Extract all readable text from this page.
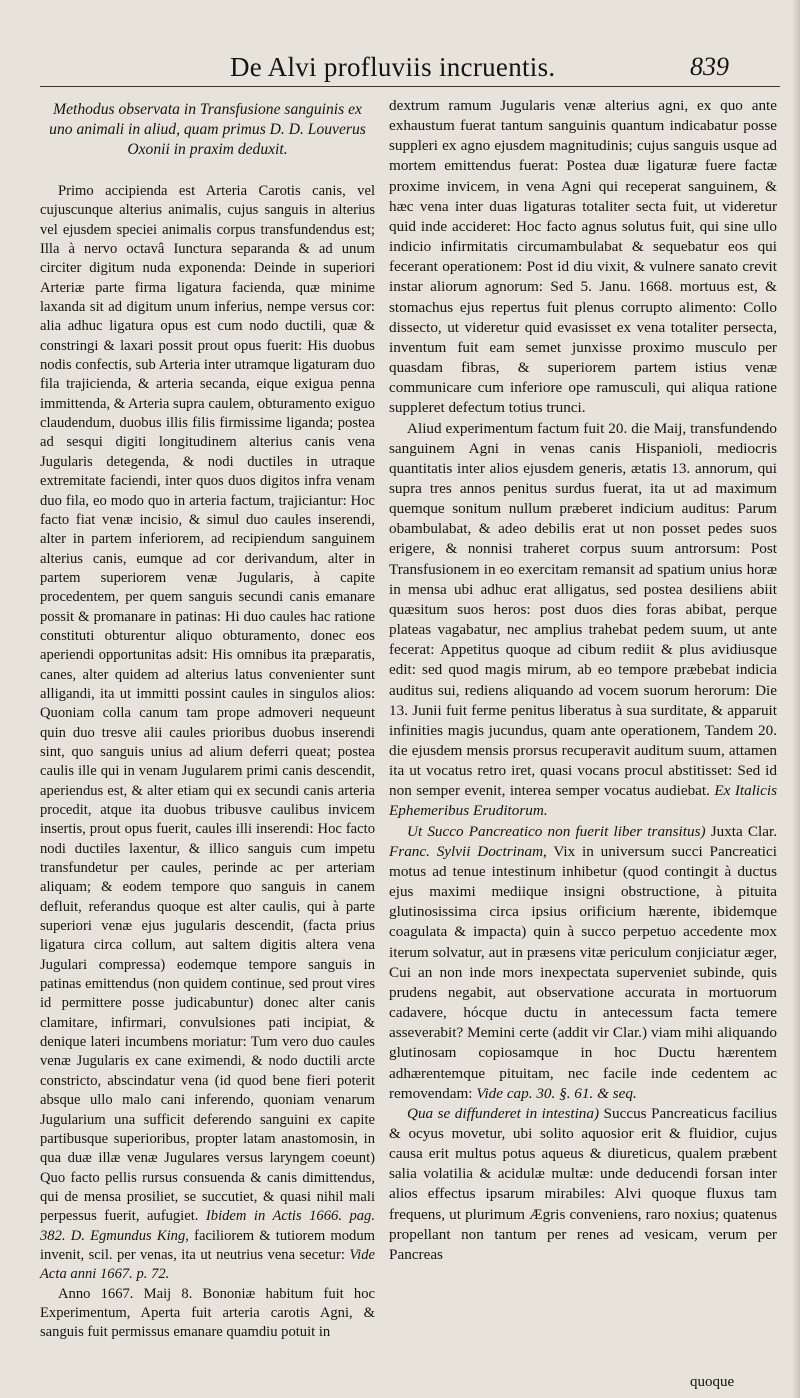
De Alvi profluviis incruentis.	839

Methodus observata in Transfusione sanguinis ex uno animali in aliud, quam primus D. D. Louverus Oxonii in praxim deduxit.

Primo accipienda est Arteria Carotis canis, vel cujuscunque alterius animalis, cujus sanguis in alterius vel ejusdem speciei animalis corpus transfundendus est; Illa à nervo octavâ Iunctura separanda & ad unum circiter digitum nuda exponenda: Deinde in superiori Arteriæ parte firma ligatura facienda, quæ minime laxanda sit ad digitum unum inferius, nempe versus cor: alia adhuc ligatura opus est cum nodo ductili, quæ & constringi & laxari possit prout opus fuerit: His duobus nodis confectis, sub Arteria inter utramque ligaturam duo fila trajicienda, & arteria secanda, eique exigua penna immittenda, & Arteria supra caulem, obturamento exiguo claudendum, duobus illis filis firmissime liganda; postea ad sesqui digiti longitudinem alterius canis vena Jugularis detegenda, & nodi ductiles in utraque extremitate faciendi, inter quos duos digitos infra venam duo fila, eo modo quo in arteria factum, trajiciantur: Hoc facto fiat venæ incisio, & simul duo caules inserendi, alter in partem inferiorem, ad recipiendum sanguinem alterius canis, eumque ad cor derivandum, alter in partem superiorem venæ Jugularis, à capite procedentem, per quem sanguis secundi canis emanare possit & promanare in patinas: Hi duo caules hac ratione constituti obturentur aliquo obturamento, donec eos aperiendi opportunitas adsit: His omnibus ita præparatis, canes, alter quidem ad alterius latus convenienter sunt alligandi, ita ut immitti possint caules in singulos alios: Quoniam colla canum tam prope admoveri nequeunt quin duo tresve alii caules prioribus duobus inserendi sint, quo sanguis unius ad alium deferri queat; postea caulis ille qui in venam Jugularem primi canis descendit, aperiendus est, & alter etiam qui ex secundi canis arteria procedit, atque ita duobus tribusve caulibus invicem insertis, prout opus fuerit, caules illi inserendi: Hoc facto nodi ductiles laxentur, & illico sanguis cum impetu transfundetur per caules, perinde ac per arteriam aliquam; & eodem tempore quo sanguis in canem defluit, referandus quoque est alter caulis, qui à parte superiori venæ ejus jugularis descendit, (facta prius ligatura circa collum, aut saltem digitis altera vena Jugulari compressa) eodemque tempore sanguis in patinas emittendus (non quidem continue, sed prout vires id permittere posse judicabuntur) donec alter canis clamitare, infirmari, convulsiones pati incipiat, & denique lateri incumbens moriatur: Tum vero duo caules venæ Jugularis ex cane eximendi, & nodo ductili arcte constricto, abscindatur vena (id quod bene fieri poterit absque ullo malo cani inferendo, quoniam venarum Jugularium una sufficit deferendo sanguini ex capite partibusque superioribus, propter latam anastomosin, in qua duæ illæ venæ Jugulares versus laryngem coeunt) Quo facto pellis rursus consuenda & canis dimittendus, qui de mensa prosiliet, se succutiet, & quasi nihil mali perpessus fuerit, aufugiet. Ibidem in Actis 1666. pag. 382. D. Egmundus King, faciliorem & tutiorem modum invenit, scil. per venas, ita ut neutrius vena secetur: Vide Acta anni 1667. p. 72.

Anno 1667. Maij 8. Bononiæ habitum fuit hoc Experimentum, Aperta fuit arteria carotis Agni, & sanguis fuit permissus emanare quamdiu potuit in

dextrum ramum Jugularis venæ alterius agni, ex quo ante exhaustum fuerat tantum sanguinis quantum indicabatur posse suppleri ex agno ejusdem magnitudinis; cujus sanguis usque ad mortem emittendus fuerat: Postea duæ ligaturæ fuere factæ proxime invicem, in vena Agni qui receperat sanguinem, & hæc vena inter duas ligaturas totaliter secta fuit, ut videretur quid inde accideret: Hoc facto agnus solutus fuit, qui sine ullo indicio infirmitatis circumambulabat & sequebatur eos qui fecerant operationem: Post id diu vixit, & vulnere sanato crevit instar aliorum agnorum: Sed 5. Janu. 1668. mortuus est, & stomachus ejus repertus fuit plenus corrupto alimento: Collo dissecto, ut videretur quid evasisset ex vena totaliter persecta, inventum fuit eam semet junxisse proximo musculo per quasdam fibras, & superiorem partem istius venæ communicare cum inferiore ope ramusculi, qui aliqua ratione suppleret defectum totius trunci.

Aliud experimentum factum fuit 20. die Maij, transfundendo sanguinem Agni in venas canis Hispanioli, mediocris quantitatis inter alios ejusdem generis, ætatis 13. annorum, qui supra tres annos penitus surdus fuerat, ita ut ad maximum quemque sonitum nullum præberet indicium auditus: Parum obambulabat, & adeo debilis erat ut non posset pedes suos erigere, & nonnisi traheret corpus suum antrorsum: Post Transfusionem in eo exercitam remansit ad spatium unius horæ in mensa ubi adhuc erat alligatus, sed postea desiliens abiit quæsitum suos heros: post duos dies foras abibat, perque plateas vagabatur, nec amplius trahebat pedem suum, ut ante fecerat: Appetitus quoque ad cibum rediit & plus avidiusque edit: sed quod magis mirum, ab eo tempore præbebat indicia auditus sui, rediens aliquando ad vocem suorum herorum: Die 13. Junii fuit ferme penitus liberatus à sua surditate, & apparuit infinities magis jucundus, quam ante operationem, Tandem 20. die ejusdem mensis prorsus recuperavit auditum suum, attamen ita ut vocatus retro iret, quasi vocans procul abstitisset: Sed id non semper evenit, interea semper vocatus audiebat. Ex Italicis Ephemeribus Eruditorum.

Ut Succo Pancreatico non fuerit liber transitus) Juxta Clar. Franc. Sylvii Doctrinam, Vix in universum succi Pancreatici motus ad tenue intestinum inhibetur (quod contingit à ductus ejus maximi mediique insigni obstructione, à pituita glutinosissima circa ipsius orificium hærente, ibidemque coagulata & impacta) quin à succo perpetuo accedente mox iterum solvatur, aut in præsens vitæ periculum conjiciatur æger, Cui an non inde mors inexpectata superveniet subinde, quis prudens negabit, aut observatione accurata in mortuorum cadavere, hócque ductu in antecessum facta temere asseverabit? Memini certe (addit vir Clar.) viam mihi aliquando glutinosam copiosamque in hoc Ductu hærentem adhærentemque pituitam, nec facile inde cedentem ac removendam: Vide cap. 30. §. 61. & seq.

Qua se diffunderet in intestina) Succus Pancreaticus facilius & ocyus movetur, ubi solito aquosior erit & fluidior, cujus causa erit multus potus aqueus & diureticus, qualem præbent salia volatilia & acidulæ multæ: unde deducendi forsan inter alios effectus ipsarum mirabiles: Alvi quoque fluxus tam frequens, ut plurimum Ægris conveniens, raro noxius; quatenus propellant non tantum per renes ad vesicam, verum per Pancreas

quoque
